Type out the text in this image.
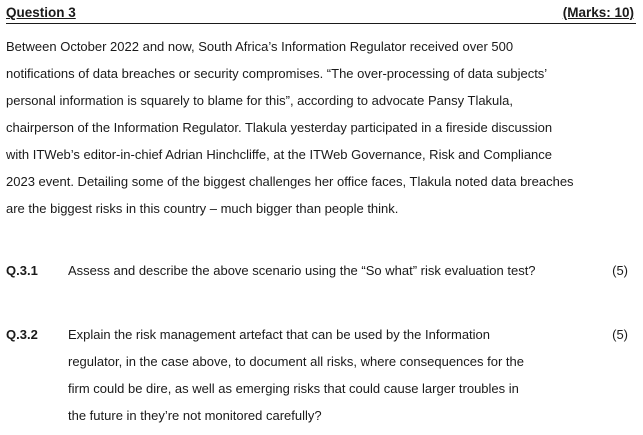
Question 3	(Marks: 10)

Between October 2022 and now, South Africa’s Information Regulator received over 500
notifications of data breaches or security compromises. “The over-processing of data subjects’
personal information is squarely to blame for this”, according to advocate Pansy Tlakula,
chairperson of the Information Regulator. Tlakula yesterday participated in a fireside discussion
with ITWeb’s editor-in-chief Adrian Hinchcliffe, at the ITWeb Governance, Risk and Compliance
2023 event. Detailing some of the biggest challenges her office faces, Tlakula noted data breaches
are the biggest risks in this country – much bigger than people think.

Q.3.1 Assess and describe the above scenario using the “So what” risk evaluation test?	(5)
Q.3.2 Explain the risk management artefact that can be used by the Information
regulator, in the case above, to document all risks, where consequences for the
firm could be dire, as well as emerging risks that could cause larger troubles in
the future in they’re not monitored carefully?
(5)
